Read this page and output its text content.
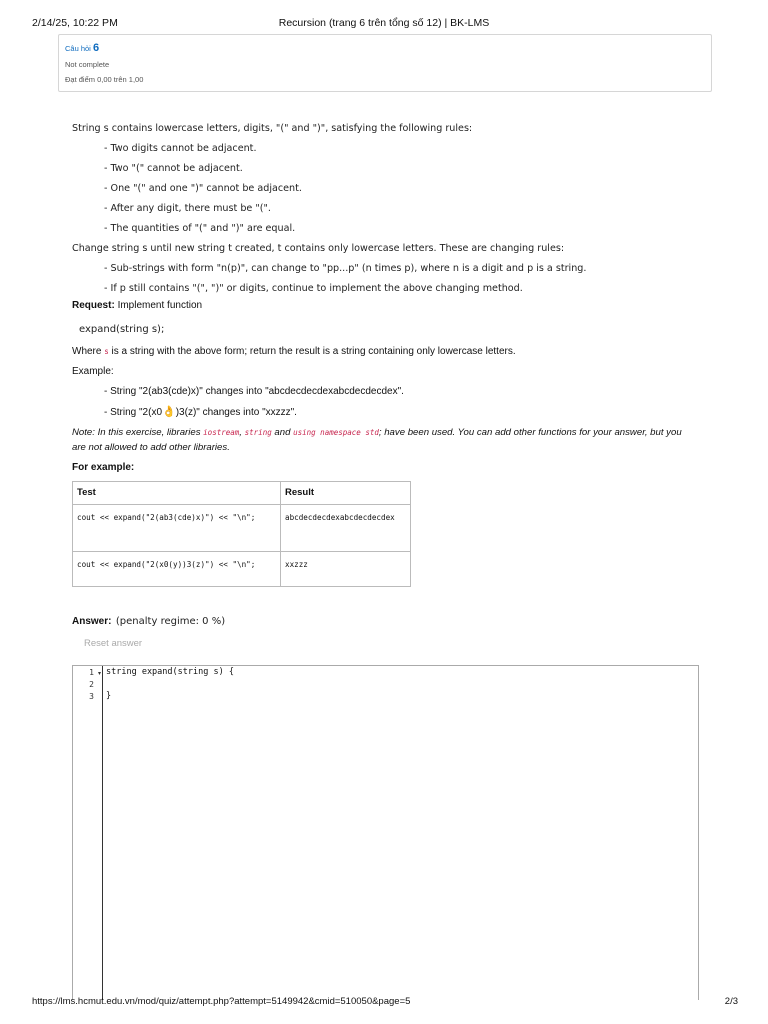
2/14/25, 10:22 PM	Recursion (trang 6 trên tổng số 12) | BK-LMS
Câu hỏi 6
Not complete
Đạt điểm 0,00 trên 1,00
String s contains lowercase letters, digits, "(" and ")", satisfying the following rules:
- Two digits cannot be adjacent.
- Two "(" cannot be adjacent.
- One "(" and one ")" cannot be adjacent.
- After any digit, there must be "(".
- The quantities of "(" and ")" are equal.
Change string s until new string t created, t contains only lowercase letters. These are changing rules:
- Sub-strings with form "n(p)", can change to "pp...p" (n times p), where n is a digit and p is a string.
- If p still contains "(", ")" or digits, continue to implement the above changing method.
Request: Implement function
expand(string s);
Where s is a string with the above form; return the result is a string containing only lowercase letters.
Example:
- String "2(ab3(cde)x)" changes into "abcdecdecdexabcdecdecdex".
- String "2(x0👌)3(z)" changes into "xxzzz".
Note: In this exercise, libraries iostream, string and using namespace std; have been used. You can add other functions for your answer, but you are not allowed to add other libraries.
For example:
Test	Result
cout << expand("2(ab3(cde)x)") << "\n";	abcdecdecdexabcdecdecdex
cout << expand("2(x0(y))3(z)") << "\n";	xxzzz
Answer: (penalty regime: 0 %)
Reset answer
1 ▾
2
3
string expand(string s) {
}
https://lms.hcmut.edu.vn/mod/quiz/attempt.php?attempt=5149942&cmid=510050&page=5	2/3
